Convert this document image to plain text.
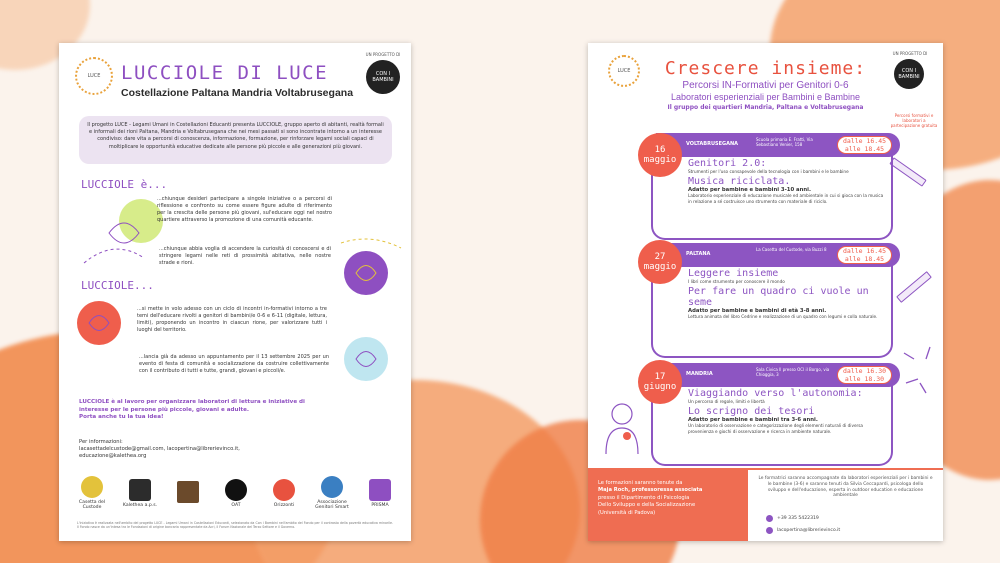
LUCE
UN PROGETTO DI
CON I BAMBINI
LUCCIOLE DI LUCE
Costellazione Paltana Mandria Voltabrusegana
Il progetto LUCE - Legami Umani in Costellazioni Educanti presenta LUCCIOLE, gruppo aperto di abitanti, realtà formali e informali dei rioni Paltana, Mandria e Voltabrusegana che nei mesi passati si sono incontrate intorno a un interesse condiviso: dare vita a percorsi di conoscenza, informazione, formazione, per rinforzare legami sociali capaci di moltiplicare le opportunità educative dedicate alle persone più piccole e alle generazioni più giovani.
LUCCIOLE è...
...chiunque desideri partecipare a singole iniziative o a percorsi di riflessione e confronto su come essere figure adulte di riferimento per la crescita delle persone più giovani, sul'educare oggi nel nostro quartiere attraverso la promozione di una comunità educante.
...chiunque abbia voglia di accendere la curiosità di conoscersi e di stringere legami nelle reti di prossimità abitativa, nelle nostre strade e rioni.
LUCCIOLE...
...si mette in volo adesso con un ciclo di incontri in-formativi intorno a tre temi dell'educare rivolti a genitori di bambini/e 0-6 e 6-11 (digitale, lettura, limiti), proponendo un incontro in ciascun rione, per valorizzare tutti i luoghi del territorio.
...lancia già da adesso un appuntamento per il 13 settembre 2025 per un evento di festa di comunità e socializzazione da costruire collettivamente con il contributo di tutti e tutte, grandi, giovani e piccoli/e.
LUCCIOLE è al lavoro per organizzare laboratori di lettura e iniziative di
interesse per le persone più piccole, giovani e adulte.
Porta anche tu la tua idea!
Per informazioni:
lacasettadelcustode@gmail.com, lacopertina@librerievinco.it,
educazione@kalethea.org
Casetta del Custode	Kalethea a.p.s.	OAT	Orizzonti	Associazione Genitori Smart	PRISMA
L'iniziativa è realizzata nell'ambito del progetto LUCE - Legami Umani in Costellazioni Educanti, selezionato da Con i Bambini nell'ambito del Fondo per il contrasto della povertà educativa minorile. Il Fondo nasce da un'intesa tra le Fondazioni di origine bancaria rappresentate da Acri, il Forum Nazionale del Terzo Settore e il Governo.
LUCE
UN PROGETTO DI
CON I BAMBINI
Crescere insieme:
Percorsi IN-Formativi per Genitori 0-6
Laboratori esperienziali per Bambini e Bambine
Il gruppo dei quartieri Mandria, Paltana e Voltabrusegana
Percorsi formativi e laboratori a partecipazione gratuita
16 maggio
VOLTABRUSEGANA
Scuola primaria E. Fratti, Via Sebastiano Venier, 158	dalle 16.45 alle 18.45
Genitori 2.0:
Strumenti per l'uso consapevole della tecnologia con i bambini e le bambine
Musica riciclata.
Adatto per bambine e bambini 3-10 anni.
Laboratorio esperienziale di educazione musicale ed ambientale in cui si gioca con la musica in relazione a sé costruisce uno strumento con materiale di riciclo.
27 maggio
PALTANA
La Casetta del Custode, via Buzzi 8	dalle 16.45 alle 18.45
Leggere insieme
I libri come strumento per conoscere il mondo
Per fare un quadro ci vuole un seme
Adatto per bambine e bambini di età 3-8 anni.
Lettura animata del libro Cedrine e realizzazione di un quadro con legumi e colla naturale.
17 giugno
MANDRIA
Sala Civica Il presso OCI il Borgo, via Chioggia, 3	dalle 16.30 alle 18.30
Viaggiando verso l'autonomia:
Un percorso di regole, limiti e libertà
Lo scrigno dei tesori
Adatto per bambine e bambini tra 3-6 anni.
Un laboratorio di osservazione e categorizzazione degli elementi naturali di diversa provenienza e giochi di osservazione e ricerca in ambiente naturale.
Le formazioni saranno tenute da
Maja Roch, professoressa associata
presso il Dipartimento di Psicologia
Dello Sviluppo e della Socializzazione
(Università di Padova)
Le formatrici saranno accompagnate da laboratori esperienziali per i bambini e le bambine (3-6) e saranno tenuti da Silvia Ceccapardi, psicologa dello sviluppo e dell'educazione, esperta in outdoor education e educazione ambientale
+39 335 5422319
lacopertina@librerievinco.it
